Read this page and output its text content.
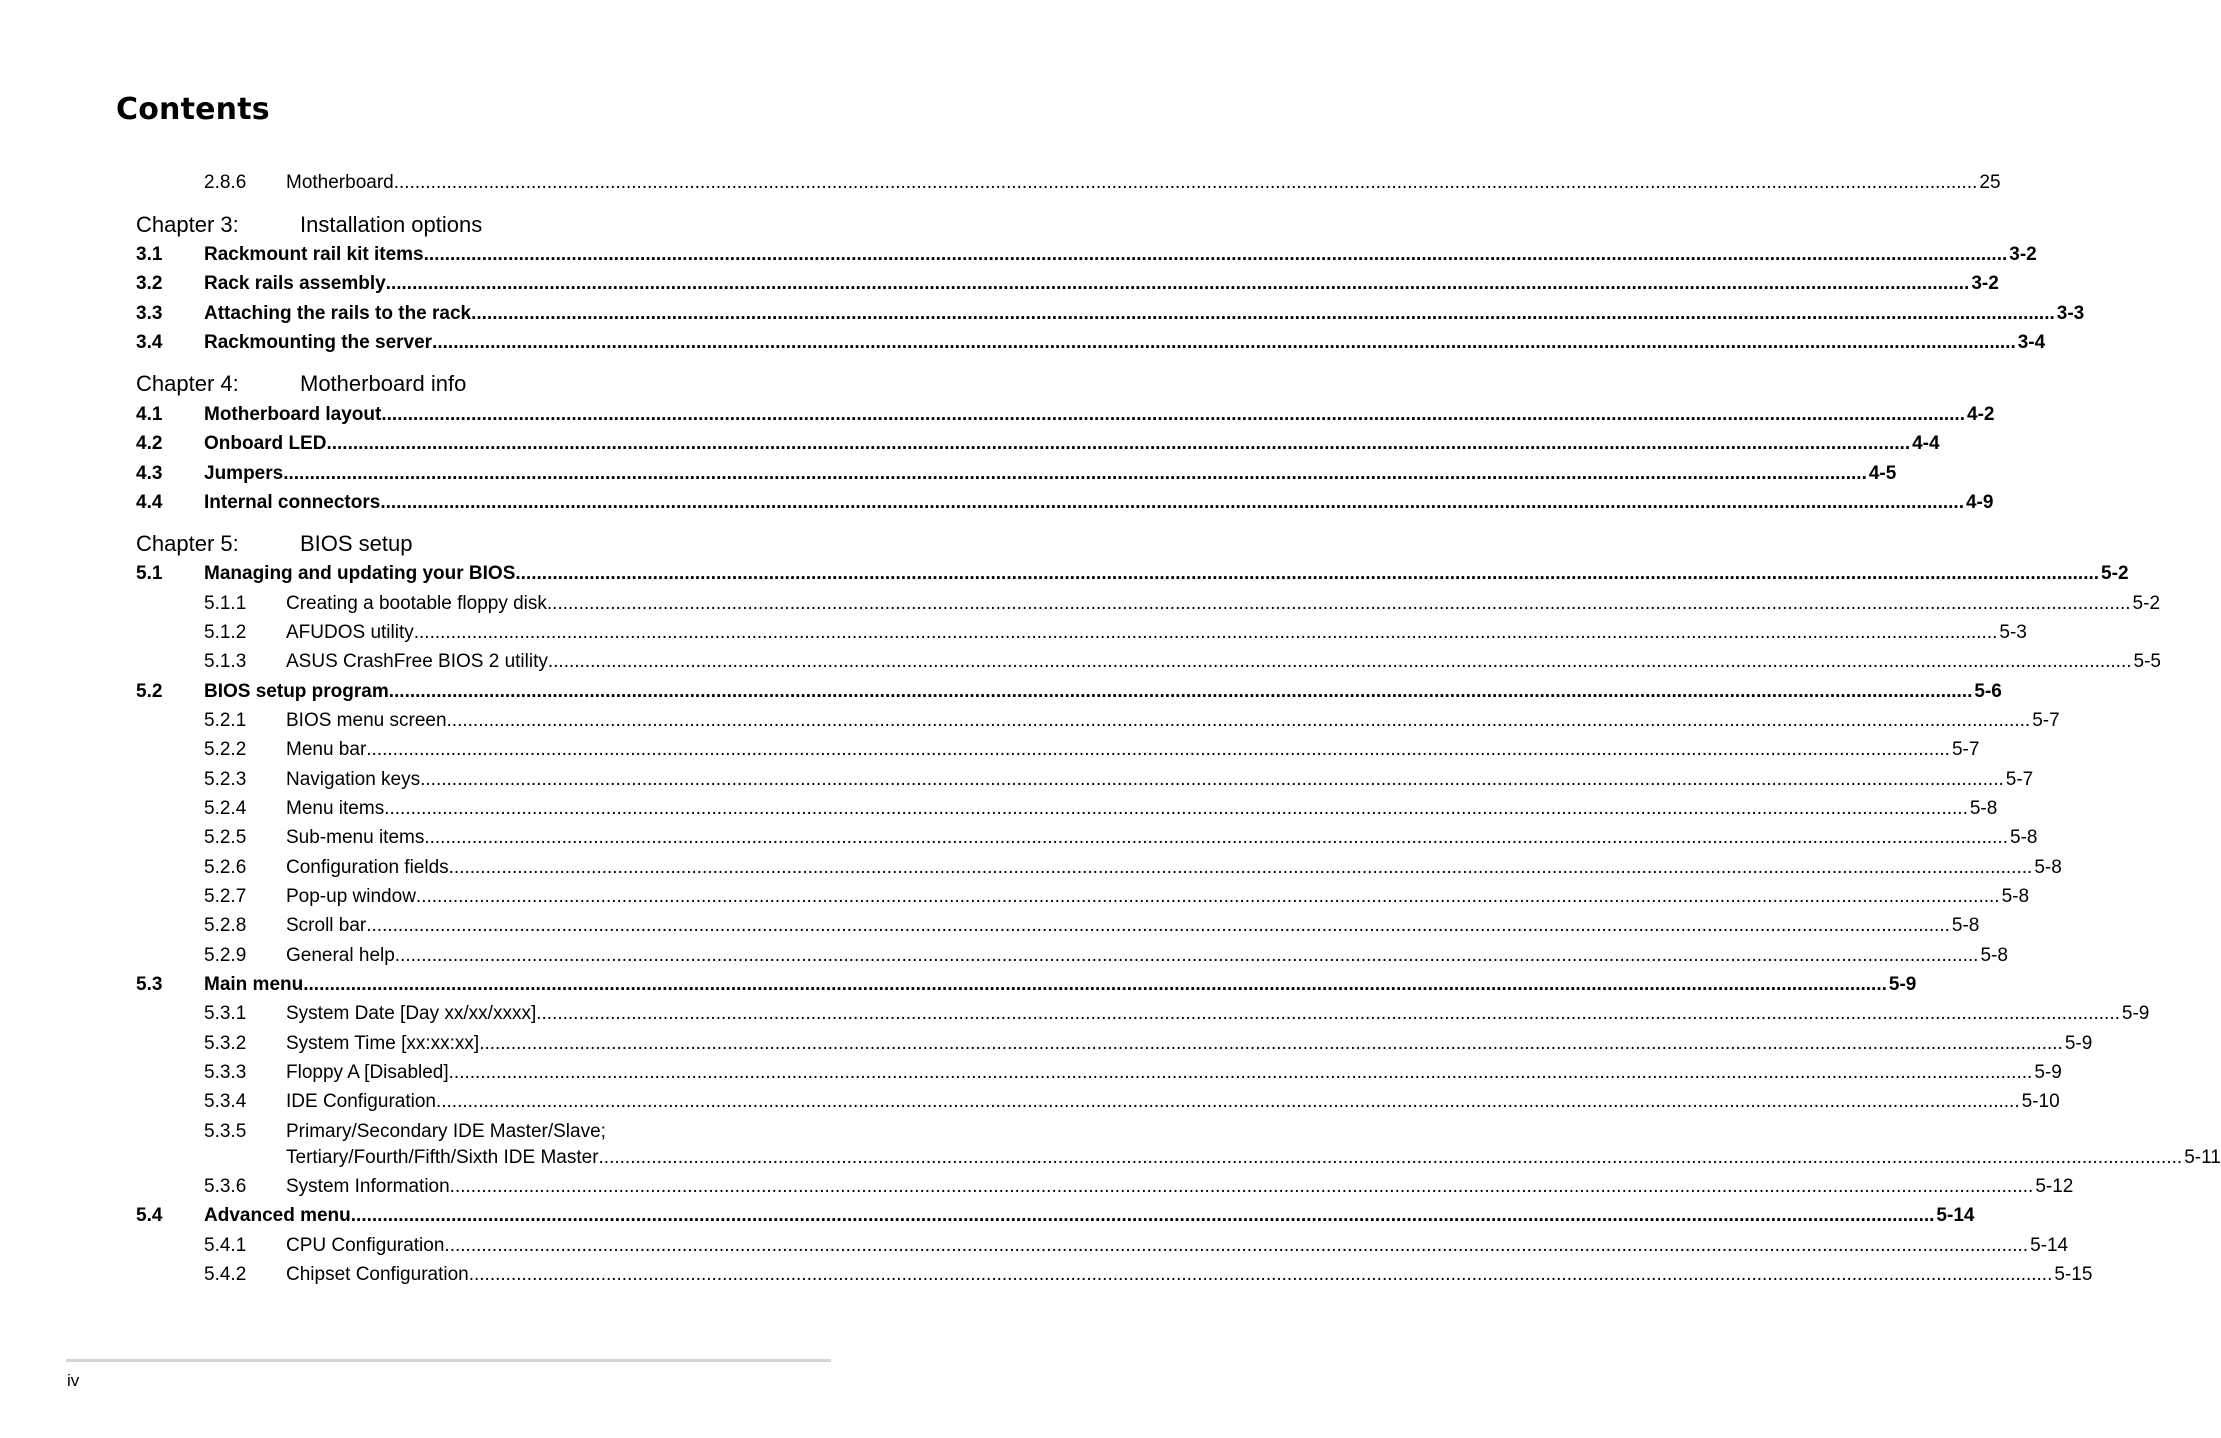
Contents
2.8.6 Motherboard ............................................................................................................................................................................................................................................................................................................ 25
Chapter 3:	Installation options
3.1 Rackmount rail kit items ............................................................................................................................................................................................................................................................................................................ 3-2
3.2 Rack rails assembly ............................................................................................................................................................................................................................................................................................................ 3-2
3.3 Attaching the rails to the rack ............................................................................................................................................................................................................................................................................................................ 3-3
3.4 Rackmounting the server ............................................................................................................................................................................................................................................................................................................ 3-4
Chapter 4:	Motherboard info
4.1 Motherboard layout ............................................................................................................................................................................................................................................................................................................ 4-2
4.2 Onboard LED ............................................................................................................................................................................................................................................................................................................ 4-4
4.3 Jumpers ............................................................................................................................................................................................................................................................................................................ 4-5
4.4 Internal connectors ............................................................................................................................................................................................................................................................................................................ 4-9
Chapter 5:	BIOS setup
5.1 Managing and updating your BIOS ............................................................................................................................................................................................................................................................................................................ 5-2
5.1.1 Creating a bootable floppy disk ............................................................................................................................................................................................................................................................................................................ 5-2
5.1.2 AFUDOS utility ............................................................................................................................................................................................................................................................................................................ 5-3
5.1.3 ASUS CrashFree BIOS 2 utility ............................................................................................................................................................................................................................................................................................................ 5-5
5.2 BIOS setup program ............................................................................................................................................................................................................................................................................................................ 5-6
5.2.1 BIOS menu screen ............................................................................................................................................................................................................................................................................................................ 5-7
5.2.2 Menu bar ............................................................................................................................................................................................................................................................................................................ 5-7
5.2.3 Navigation keys ............................................................................................................................................................................................................................................................................................................ 5-7
5.2.4 Menu items ............................................................................................................................................................................................................................................................................................................ 5-8
5.2.5 Sub-menu items ............................................................................................................................................................................................................................................................................................................ 5-8
5.2.6 Configuration fields ............................................................................................................................................................................................................................................................................................................ 5-8
5.2.7 Pop-up window ............................................................................................................................................................................................................................................................................................................ 5-8
5.2.8 Scroll bar ............................................................................................................................................................................................................................................................................................................ 5-8
5.2.9 General help ............................................................................................................................................................................................................................................................................................................ 5-8
5.3 Main menu ............................................................................................................................................................................................................................................................................................................ 5-9
5.3.1 System Date [Day xx/xx/xxxx] ............................................................................................................................................................................................................................................................................................................ 5-9
5.3.2 System Time [xx:xx:xx] ............................................................................................................................................................................................................................................................................................................ 5-9
5.3.3 Floppy A [Disabled] ............................................................................................................................................................................................................................................................................................................ 5-9
5.3.4 IDE Configuration ............................................................................................................................................................................................................................................................................................................ 5-10
5.3.5 Primary/Secondary IDE Master/Slave;
Tertiary/Fourth/Fifth/Sixth IDE Master ............................................................................................................................................................................................................................................................................................................ 5-11
5.3.6 System Information ............................................................................................................................................................................................................................................................................................................ 5-12
5.4 Advanced menu ............................................................................................................................................................................................................................................................................................................ 5-14
5.4.1 CPU Configuration ............................................................................................................................................................................................................................................................................................................ 5-14
5.4.2 Chipset Configuration ............................................................................................................................................................................................................................................................................................................ 5-15
iv
